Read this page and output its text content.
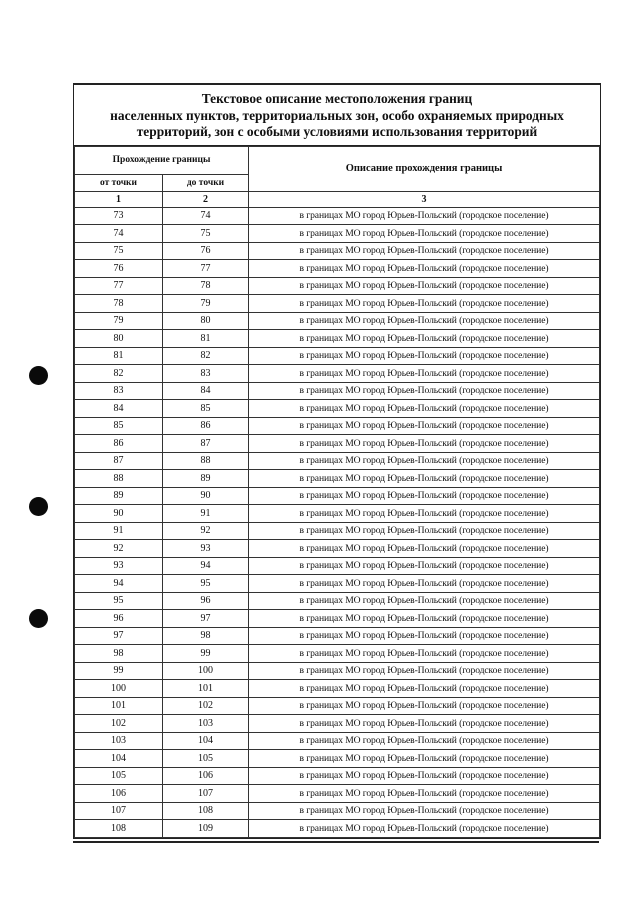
Текстовое описание местоположения границ
населенных пунктов, территориальных зон, особо охраняемых природных
территорий, зон с особыми условиями использования территорий
Прохождение границы		Описание прохождения границы
от точки	до точки	
1	2	3
73	74	в границах МО город Юрьев-Польский (городское поселение)
74	75	в границах МО город Юрьев-Польский (городское поселение)
75	76	в границах МО город Юрьев-Польский (городское поселение)
76	77	в границах МО город Юрьев-Польский (городское поселение)
77	78	в границах МО город Юрьев-Польский (городское поселение)
78	79	в границах МО город Юрьев-Польский (городское поселение)
79	80	в границах МО город Юрьев-Польский (городское поселение)
80	81	в границах МО город Юрьев-Польский (городское поселение)
81	82	в границах МО город Юрьев-Польский (городское поселение)
82	83	в границах МО город Юрьев-Польский (городское поселение)
83	84	в границах МО город Юрьев-Польский (городское поселение)
84	85	в границах МО город Юрьев-Польский (городское поселение)
85	86	в границах МО город Юрьев-Польский (городское поселение)
86	87	в границах МО город Юрьев-Польский (городское поселение)
87	88	в границах МО город Юрьев-Польский (городское поселение)
88	89	в границах МО город Юрьев-Польский (городское поселение)
89	90	в границах МО город Юрьев-Польский (городское поселение)
90	91	в границах МО город Юрьев-Польский (городское поселение)
91	92	в границах МО город Юрьев-Польский (городское поселение)
92	93	в границах МО город Юрьев-Польский (городское поселение)
93	94	в границах МО город Юрьев-Польский (городское поселение)
94	95	в границах МО город Юрьев-Польский (городское поселение)
95	96	в границах МО город Юрьев-Польский (городское поселение)
96	97	в границах МО город Юрьев-Польский (городское поселение)
97	98	в границах МО город Юрьев-Польский (городское поселение)
98	99	в границах МО город Юрьев-Польский (городское поселение)
99	100	в границах МО город Юрьев-Польский (городское поселение)
100	101	в границах МО город Юрьев-Польский (городское поселение)
101	102	в границах МО город Юрьев-Польский (городское поселение)
102	103	в границах МО город Юрьев-Польский (городское поселение)
103	104	в границах МО город Юрьев-Польский (городское поселение)
104	105	в границах МО город Юрьев-Польский (городское поселение)
105	106	в границах МО город Юрьев-Польский (городское поселение)
106	107	в границах МО город Юрьев-Польский (городское поселение)
107	108	в границах МО город Юрьев-Польский (городское поселение)
108	109	в границах МО город Юрьев-Польский (городское поселение)
